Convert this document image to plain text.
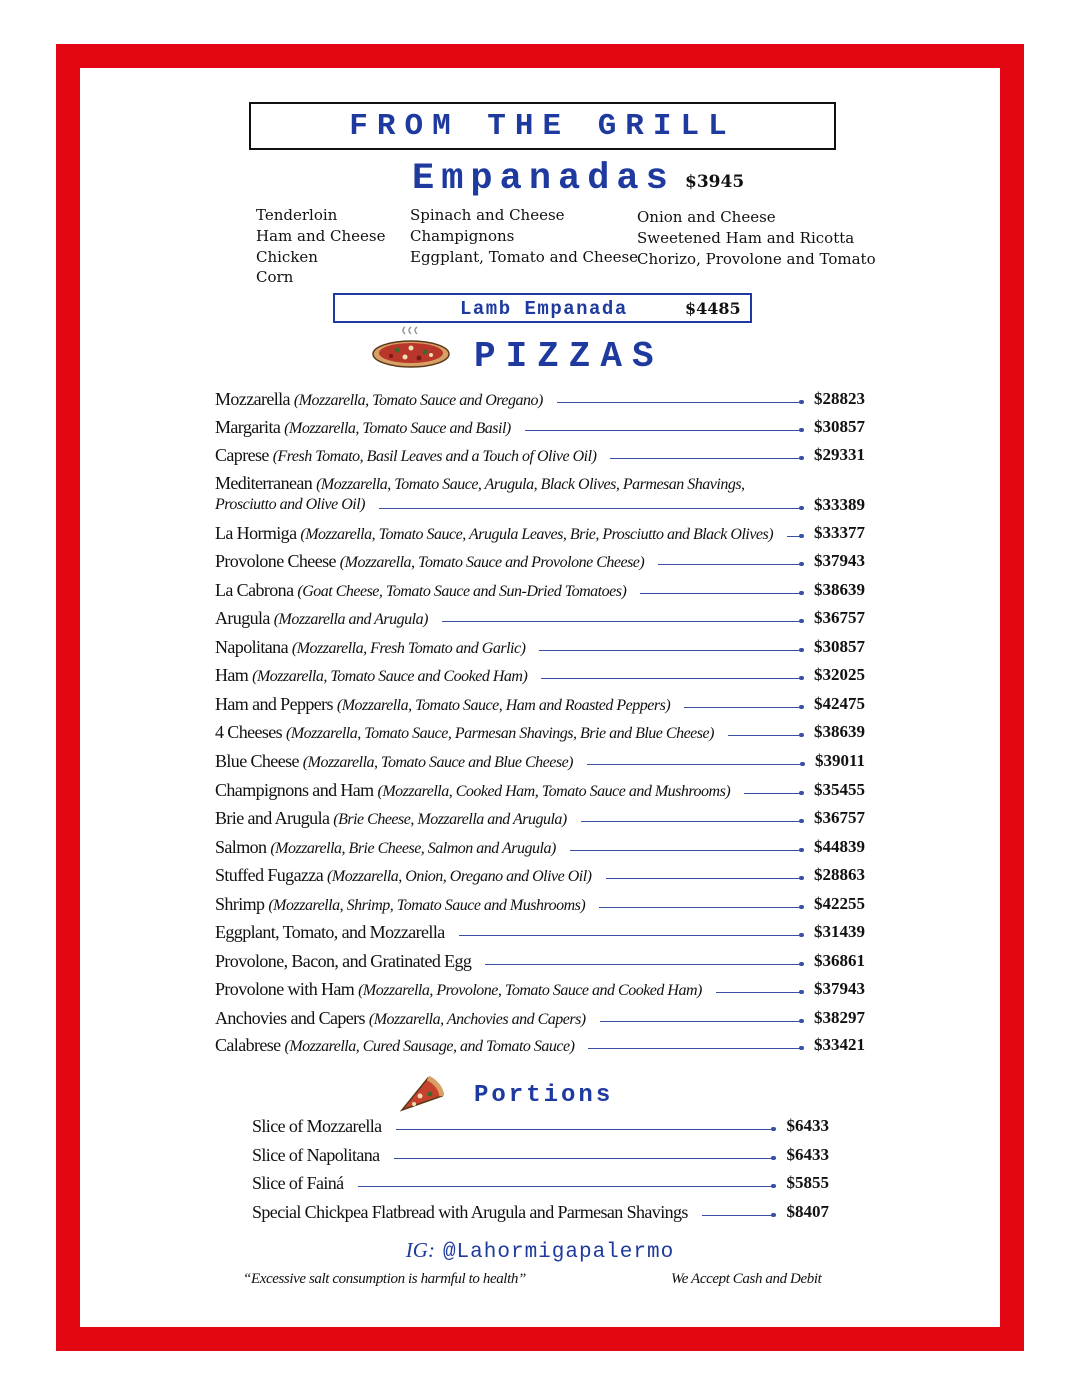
FROM THE GRILL
Empanadas $3945
Tenderloin
Ham and Cheese
Chicken
Corn
Spinach and Cheese
Champignons
Eggplant, Tomato and Cheese
Onion and Cheese
Sweetened Ham and Ricotta
Chorizo, Provolone and Tomato
Lamb Empanada	$4485
PIZZAS
Mozzarella (Mozzarella, Tomato Sauce and Oregano)	$28823
Margarita (Mozzarella, Tomato Sauce and Basil)	$30857
Caprese (Fresh Tomato, Basil Leaves and a Touch of Olive Oil)	$29331
Mediterranean (Mozzarella, Tomato Sauce, Arugula, Black Olives, Parmesan Shavings,
Prosciutto and Olive Oil)	$33389
La Hormiga (Mozzarella, Tomato Sauce, Arugula Leaves, Brie, Prosciutto and Black Olives) $33377
Provolone Cheese (Mozzarella, Tomato Sauce and Provolone Cheese)	$37943
La Cabrona (Goat Cheese, Tomato Sauce and Sun-Dried Tomatoes)	$38639
Arugula (Mozzarella and Arugula)	$36757
Napolitana (Mozzarella, Fresh Tomato and Garlic)	$30857
Ham (Mozzarella, Tomato Sauce and Cooked Ham)	$32025
Ham and Peppers (Mozzarella, Tomato Sauce, Ham and Roasted Peppers)	$42475
4 Cheeses (Mozzarella, Tomato Sauce, Parmesan Shavings, Brie and Blue Cheese)	$38639
Blue Cheese (Mozzarella, Tomato Sauce and Blue Cheese)	$39011
Champignons and Ham (Mozzarella, Cooked Ham, Tomato Sauce and Mushrooms)	$35455
Brie and Arugula (Brie Cheese, Mozzarella and Arugula)	$36757
Salmon (Mozzarella, Brie Cheese, Salmon and Arugula)	$44839
Stuffed Fugazza (Mozzarella, Onion, Oregano and Olive Oil)	$28863
Shrimp (Mozzarella, Shrimp, Tomato Sauce and Mushrooms)	$42255
Eggplant, Tomato, and Mozzarella	$31439
Provolone, Bacon, and Gratinated Egg	$36861
Provolone with Ham (Mozzarella, Provolone, Tomato Sauce and Cooked Ham)	$37943
Anchovies and Capers (Mozzarella, Anchovies and Capers)	$38297
Calabrese (Mozzarella, Cured Sausage, and Tomato Sauce)	$33421
Portions
Slice of Mozzarella	$6433
Slice of Napolitana	$6433
Slice of Fainá	$5855
Special Chickpea Flatbread with Arugula and Parmesan Shavings	$8407
IG: @Lahormigapalermo
“Excessive salt consumption is harmful to health”	We Accept Cash and Debit
